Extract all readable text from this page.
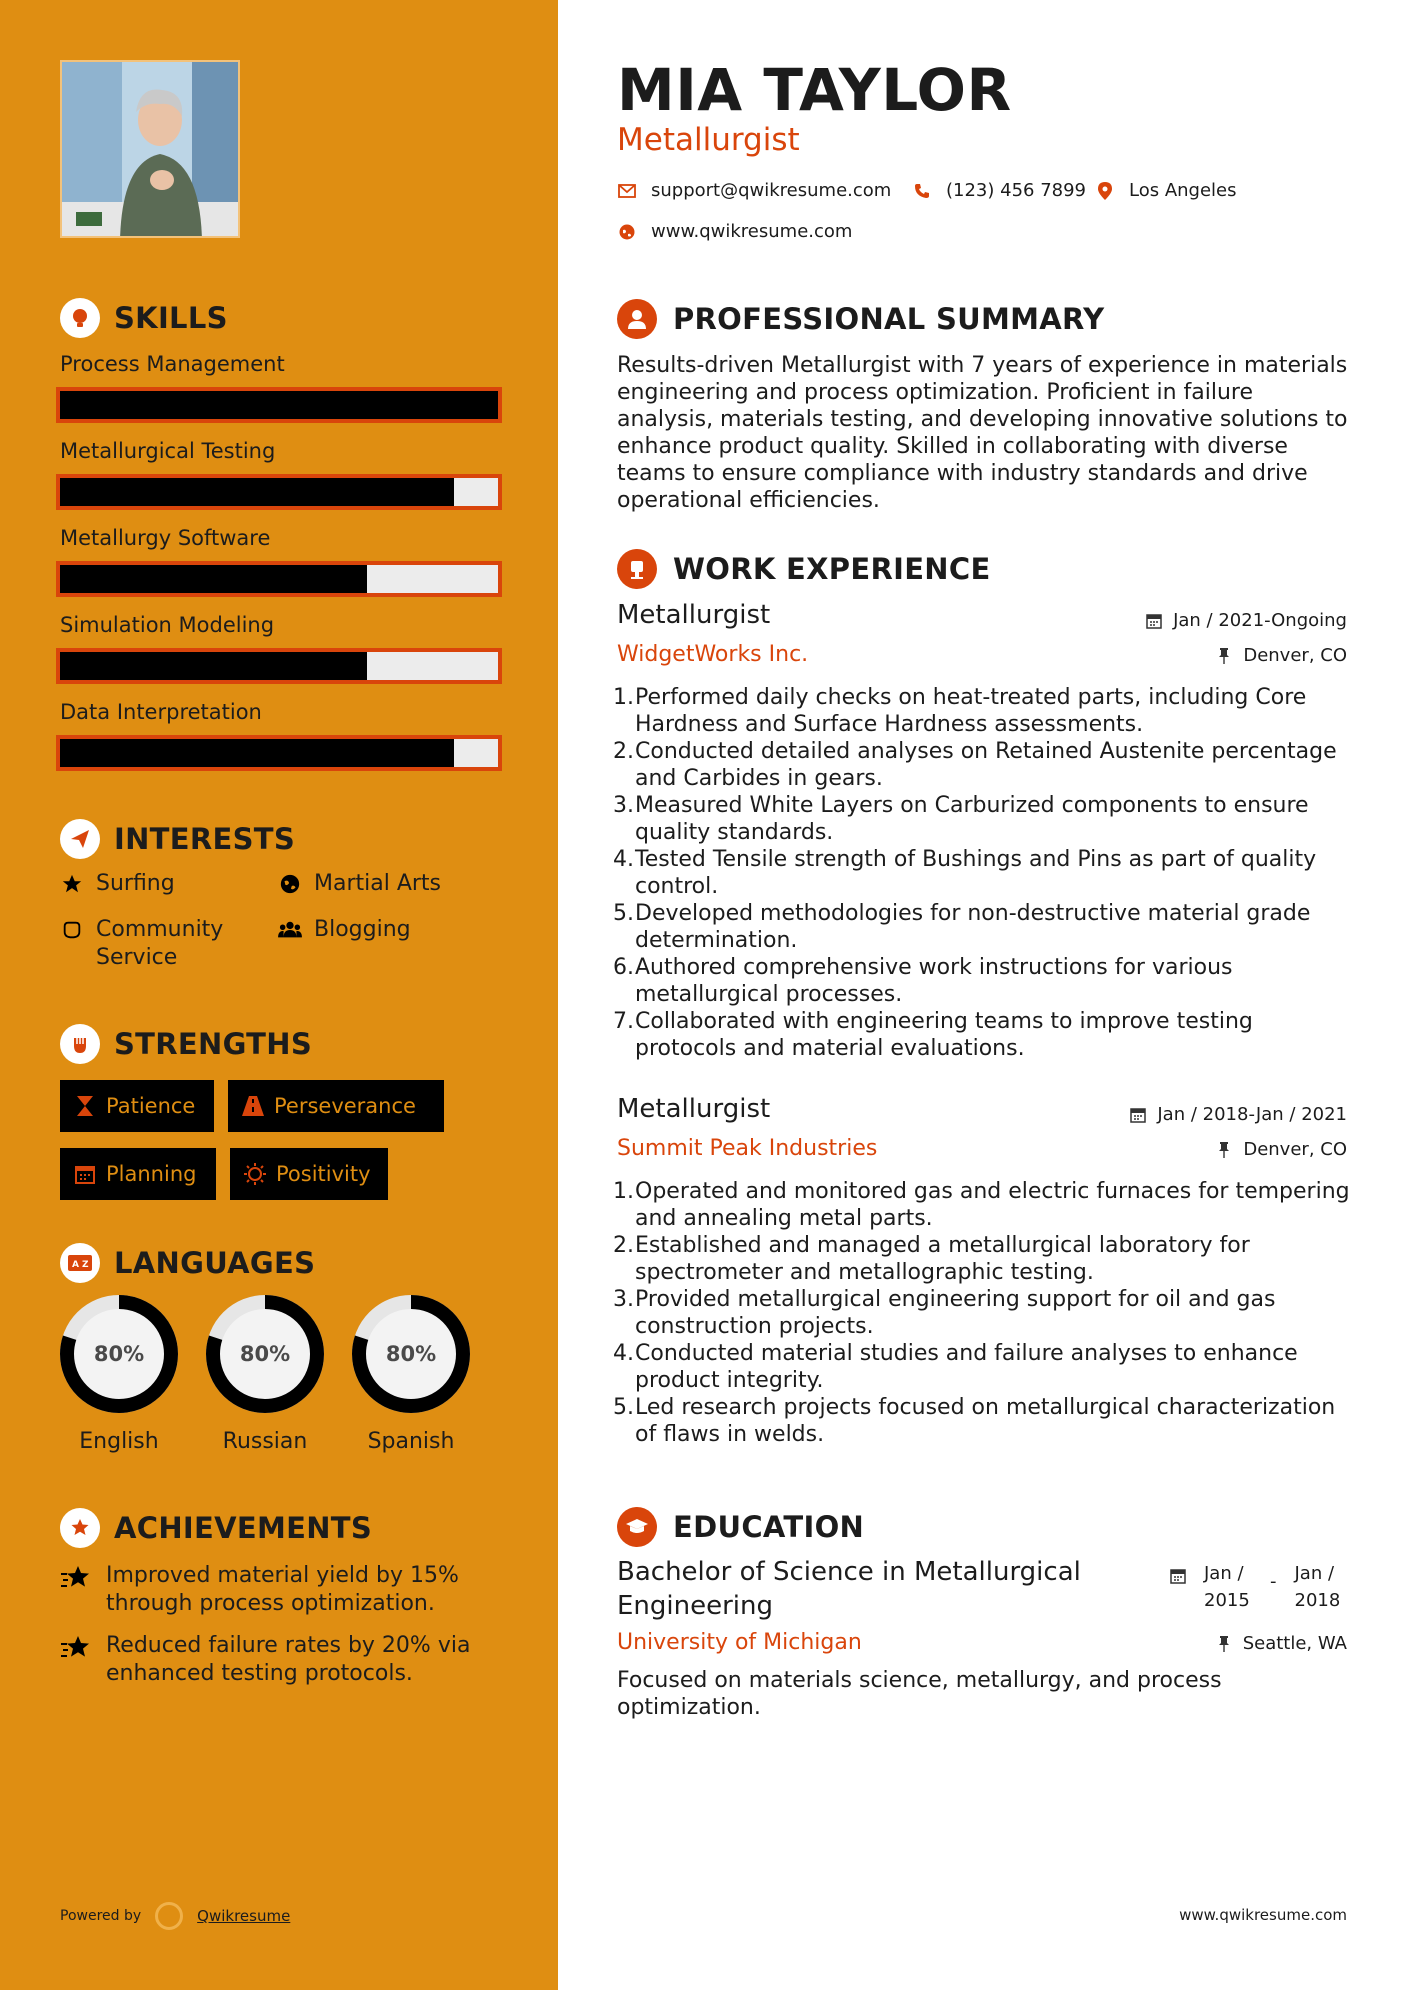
SKILLS
Process Management
Metallurgical Testing
Metallurgy Software
Simulation Modeling
Data Interpretation
INTERESTS
Surfing	Martial Arts
Community Service
Blogging
STRENGTHS
Patience	Perseverance
Planning	Positivity
A Z LANGUAGES
80%
English
80%
Russian
80%
Spanish
ACHIEVEMENTS
Improved material yield by 15% through process optimization.
Reduced failure rates by 20% via enhanced testing protocols.
Powered by	Qwikresume
MIA TAYLOR
Metallurgist
support@qwikresume.com	(123) 456 7899 Los Angeles
www.qwikresume.com
PROFESSIONAL SUMMARY
Results-driven Metallurgist with 7 years of experience in materials engineering and process optimization. Proficient in failure analysis, materials testing, and developing innovative solutions to enhance product quality. Skilled in collaborating with diverse teams to ensure compliance with industry standards and drive operational efficiencies.
WORK EXPERIENCE
Metallurgist	Jan / 2021-Ongoing
WidgetWorks Inc.	Denver, CO
1. Performed daily checks on heat-treated parts, including Core Hardness and Surface Hardness assessments.
2. Conducted detailed analyses on Retained Austenite percentage and Carbides in gears.
3. Measured White Layers on Carburized components to ensure quality standards.
4. Tested Tensile strength of Bushings and Pins as part of quality control.
5. Developed methodologies for non-destructive material grade determination.
6. Authored comprehensive work instructions for various metallurgical processes.
7. Collaborated with engineering teams to improve testing protocols and material evaluations.
Metallurgist	Jan / 2018-Jan / 2021
Summit Peak Industries	Denver, CO
1. Operated and monitored gas and electric furnaces for tempering and annealing metal parts.
2. Established and managed a metallurgical laboratory for spectrometer and metallographic testing.
3. Provided metallurgical engineering support for oil and gas construction projects.
4. Conducted material studies and failure analyses to enhance product integrity.
5. Led research projects focused on metallurgical characterization of flaws in welds.
EDUCATION
Bachelor of Science in Metallurgical Engineering
Jan / 2015
- Jan / 2018
University of Michigan	Seattle, WA
Focused on materials science, metallurgy, and process optimization.
www.qwikresume.com
